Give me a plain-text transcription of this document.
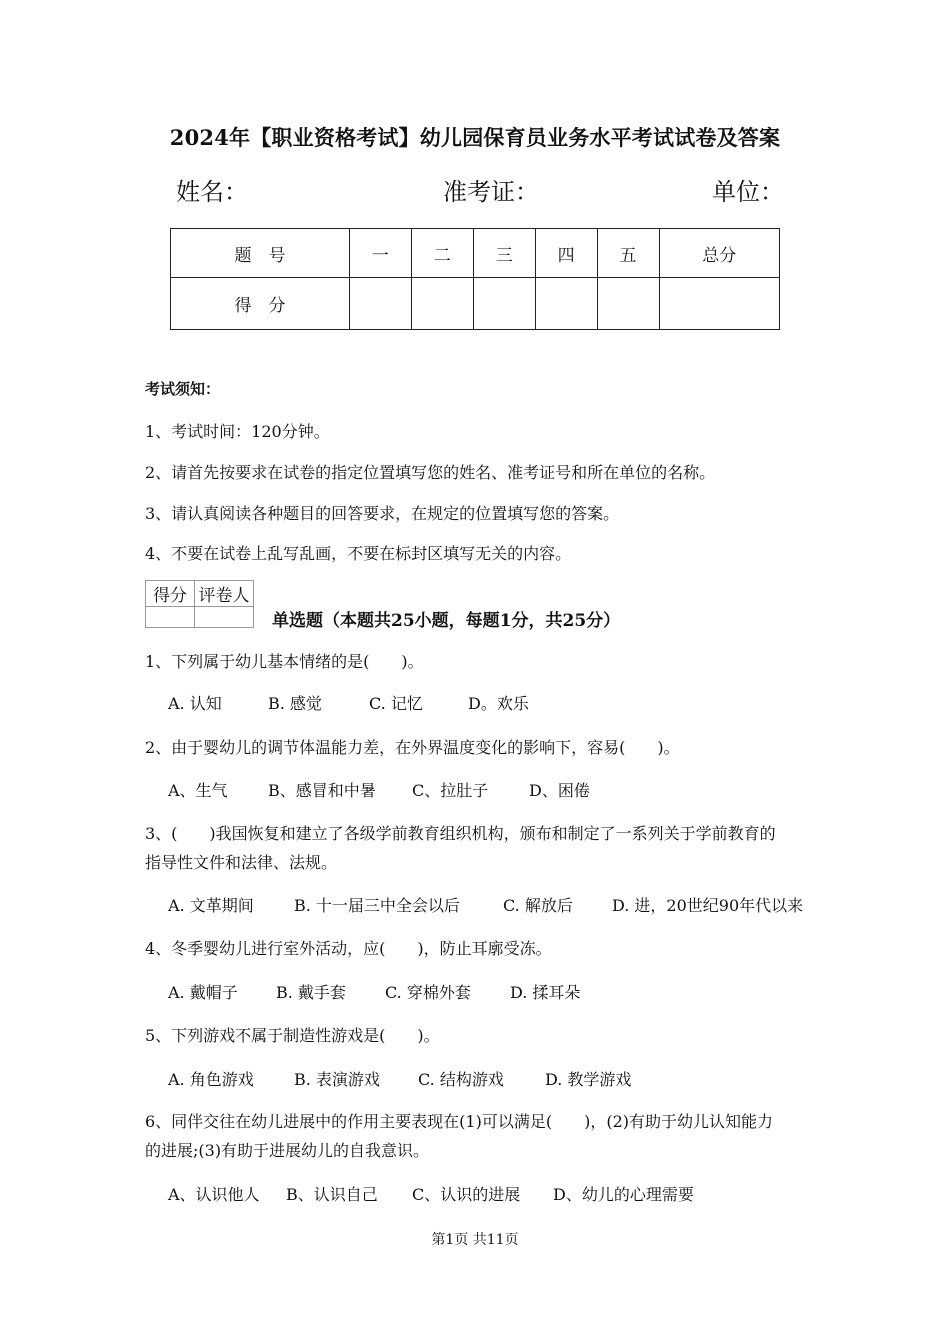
2024年【职业资格考试】幼儿园保育员业务水平考试试卷及答案
姓名：	准考证：	单位：
题　号	一	二	三	四	五	总分
得　分						
考试须知：
1、考试时间：120分钟。
2、请首先按要求在试卷的指定位置填写您的姓名、准考证号和所在单位的名称。
3、请认真阅读各种题目的回答要求，在规定的位置填写您的答案。
4、不要在试卷上乱写乱画，不要在标封区填写无关的内容。
得分	评卷人

单选题（本题共25小题，每题1分，共25分）
1、下列属于幼儿基本情绪的是(　　)。
A. 认知	B. 感觉	C. 记忆	D。欢乐
2、由于婴幼儿的调节体温能力差，在外界温度变化的影响下，容易(　　)。
A、生气	B、感冒和中暑 C、拉肚子	D、困倦
3、(　　)我国恢复和建立了各级学前教育组织机构，颁布和制定了一系列关于学前教育的
指导性文件和法律、法规。
A. 文革期间	B. 十一届三中全会以后	C. 解放后 D. 进，20世纪90年代以来
4、冬季婴幼儿进行室外活动，应(　　)，防止耳廓受冻。
A. 戴帽子 B. 戴手套 C. 穿棉外套 D. 揉耳朵
5、下列游戏不属于制造性游戏是(　　)。
A. 角色游戏	B. 表演游戏 C. 结构游戏	D. 教学游戏
6、同伴交往在幼儿进展中的作用主要表现在(1)可以满足(　　)，(2)有助于幼儿认知能力
的进展;(3)有助于进展幼儿的自我意识。
A、认识他人 B、认识自己 C、认识的进展 D、幼儿的心理需要
第1页 共11页
